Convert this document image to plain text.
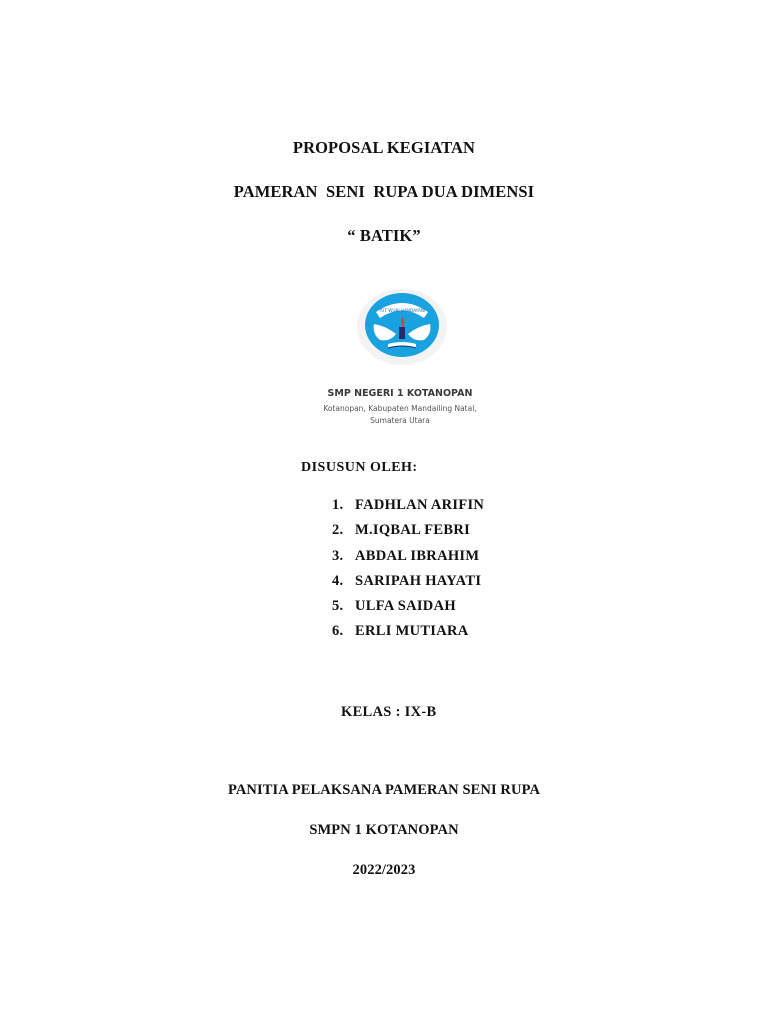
PROPOSAL KEGIATAN
PAMERAN  SENI  RUPA DUA DIMENSI
“ BATIK”
TUT WURI HANDAYANI
SMP NEGERI 1 KOTANOPAN
Kotanopan, Kabupaten Mandailing Natal,
Sumatera Utara
DISUSUN OLEH:
1. FADHLAN ARIFIN
2. M.IQBAL FEBRI
3. ABDAL IBRAHIM
4. SARIPAH HAYATI
5. ULFA SAIDAH
6. ERLI MUTIARA
KELAS : IX-B
PANITIA PELAKSANA PAMERAN SENI RUPA
SMPN 1 KOTANOPAN
2022/2023
